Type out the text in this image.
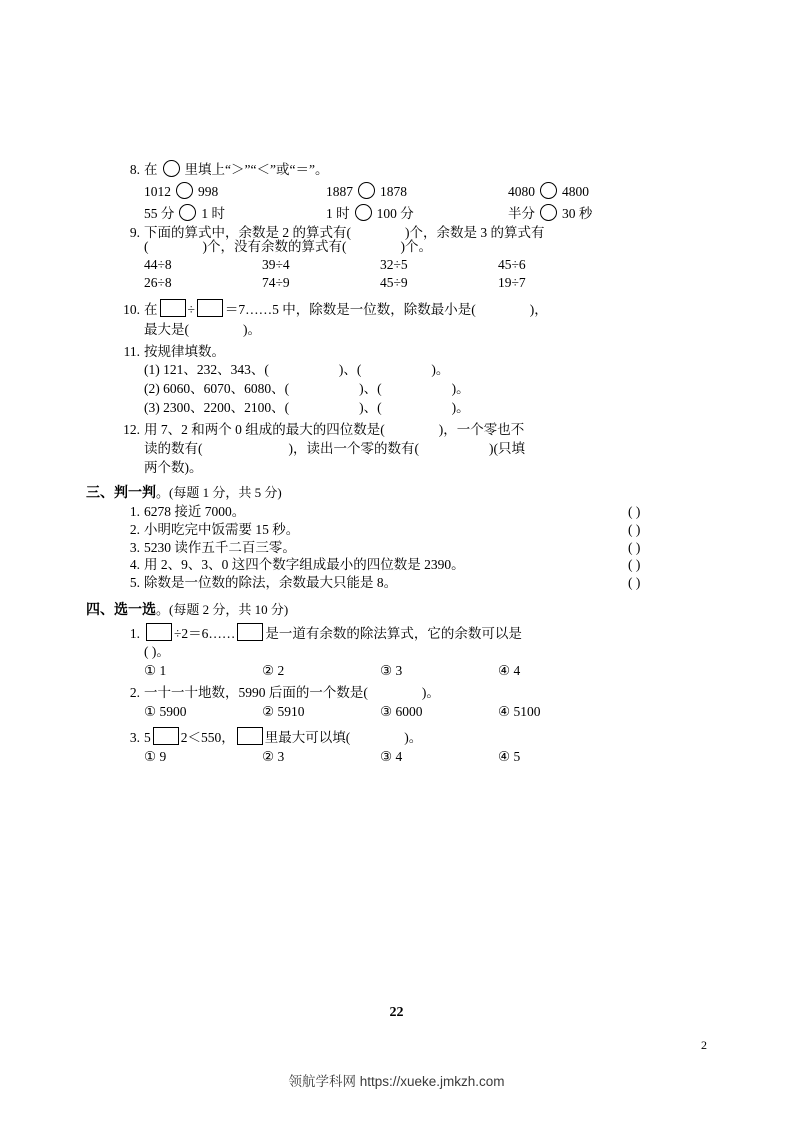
8. 在 里填上“＞”“＜”或“＝”。
1012 998	1887 1878	4080 4800
55 分 1 时	1 时 100 分	半分 30 秒
9. 下面的算式中，余数是 2 的算式有(	)个，余数是 3 的算式有
(	)个，没有余数的算式有(	)个。
44÷8	39÷4	32÷5	45÷6
26÷8	74÷9	45÷9	19÷7
10. 在 ÷ ＝7……5 中，除数是一位数，除数最小是(	)，
最大是(	)。
11. 按规律填数。
(1) 121、232、343、(	)、(	)。
(2) 6060、6070、6080、(	)、(	)。
(3) 2300、2200、2100、(	)、(	)。
12. 用 7、2 和两个 0 组成的最大的四位数是(	)，一个零也不
读的数有(	)，读出一个零的数有(	)(只填
两个数)。
三、判一判。(每题 1 分，共 5 分)
1. 6278 接近 7000。	( )
2. 小明吃完中饭需要 15 秒。	( )
3. 5230 读作五千二百三零。	( )
4. 用 2、9、3、0 这四个数字组成最小的四位数是 2390。	( )
5. 除数是一位数的除法，余数最大只能是 8。	( )
四、选一选。(每题 2 分，共 10 分)
1.	÷2＝6…… 是一道有余数的除法算式，它的余数可以是
( )。
① 1	② 2	③ 3	④ 4
2. 一十一十地数，5990 后面的一个数是(	)。
① 5900	② 5910	③ 6000	④ 5100
3. 5 2＜550， 里最大可以填(	)。
① 9	② 3	③ 4	④ 5
22
2
领航学科网 https://xueke.jmkzh.com
